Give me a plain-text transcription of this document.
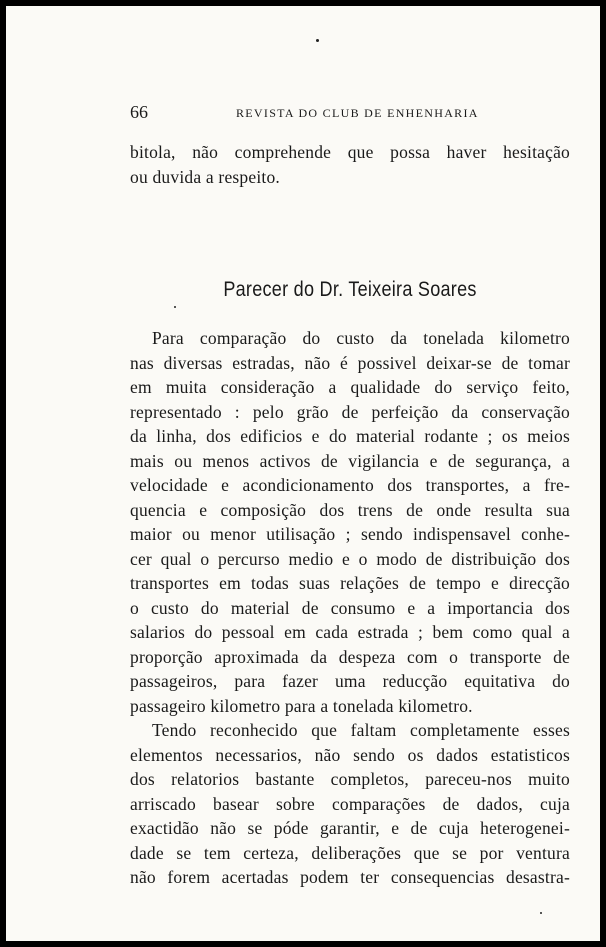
66	REVISTA DO CLUB DE ENHENHARIA
bitola, não comprehende que possa haver hesitação
ou duvida a respeito.
Parecer do Dr. Teixeira Soares
Para comparação do custo da tonelada kilometro
nas diversas estradas, não é possivel deixar-se de tomar
em muita consideração a qualidade do serviço feito,
representado : pelo grão de perfeição da conservação
da linha, dos edificios e do material rodante ; os meios
mais ou menos activos de vigilancia e de segurança, a
velocidade e acondicionamento dos transportes, a fre-
quencia e composição dos trens de onde resulta sua
maior ou menor utilisação ; sendo indispensavel conhe-
cer qual o percurso medio e o modo de distribuição dos
transportes em todas suas relações de tempo e direcção
o custo do material de consumo e a importancia dos
salarios do pessoal em cada estrada ; bem como qual a
proporção aproximada da despeza com o transporte de
passageiros, para fazer uma reducção equitativa do
passageiro kilometro para a tonelada kilometro.
Tendo reconhecido que faltam completamente esses
elementos necessarios, não sendo os dados estatisticos
dos relatorios bastante completos, pareceu-nos muito
arriscado basear sobre comparações de dados, cuja
exactidão não se póde garantir, e de cuja heterogenei-
dade se tem certeza, deliberações que se por ventura
não forem acertadas podem ter consequencias desastra-
